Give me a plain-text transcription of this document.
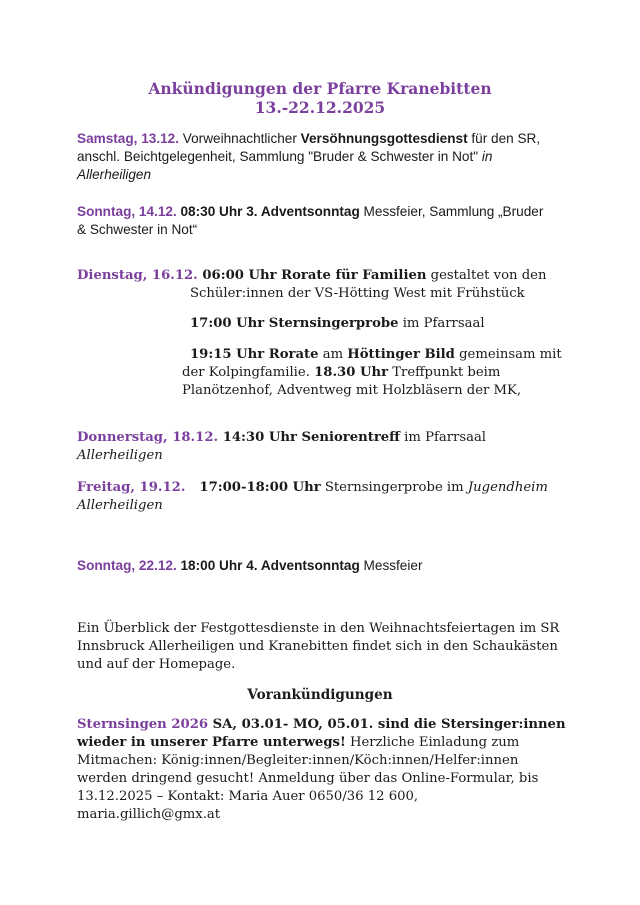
Ankündigungen der Pfarre Kranebitten
13.-22.12.2025
Samstag, 13.12. Vorweihnachtlicher Versöhnungsgottesdienst für den SR, anschl. Beichtgelegenheit, Sammlung "Bruder & Schwester in Not" in Allerheiligen
Sonntag, 14.12. 08:30 Uhr 3. Adventsonntag Messfeier, Sammlung „Bruder & Schwester in Not“
Dienstag, 16.12. 06:00 Uhr Rorate für Familien gestaltet von den
Schüler:innen der VS-Hötting West mit Frühstück
17:00 Uhr Sternsingerprobe im Pfarrsaal
19:15 Uhr Rorate am Höttinger Bild gemeinsam mit
der Kolpingfamilie. 18.30 Uhr Treffpunkt beim
Planötzenhof, Adventweg mit Holzbläsern der MK,
Donnerstag, 18.12. 14:30 Uhr Seniorentreff im Pfarrsaal
Allerheiligen
Freitag, 19.12. 17:00-18:00 Uhr Sternsingerprobe im Jugendheim
Allerheiligen
Sonntag, 22.12. 18:00 Uhr 4. Adventsonntag Messfeier
Ein Überblick der Festgottesdienste in den Weihnachtsfeiertagen im SR
Innsbruck Allerheiligen und Kranebitten findet sich in den Schaukästen
und auf der Homepage.
Vorankündigungen
Sternsingen 2026 SA, 03.01- MO, 05.01. sind die Stersinger:innen
wieder in unserer Pfarre unterwegs! Herzliche Einladung zum
Mitmachen: König:innen/Begleiter:innen/Köch:innen/Helfer:innen
werden dringend gesucht! Anmeldung über das Online-Formular, bis
13.12.2025 – Kontakt: Maria Auer 0650/36 12 600,
maria.gillich@gmx.at
